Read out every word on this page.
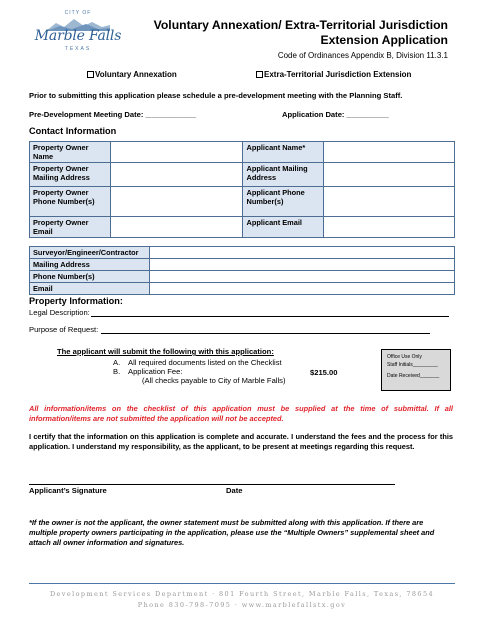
CITY OF
Marble Falls
TEXAS
Voluntary Annexation/ Extra-Territorial Jurisdiction
Extension Application
Code of Ordinances Appendix B, Division 11.3.1
Voluntary Annexation	Extra-Territorial Jurisdiction Extension
Prior to submitting this application please schedule a pre-development meeting with the Planning Staff.
Pre-Development Meeting Date: ____________	Application Date: __________
Contact Information
Property Owner Name		Applicant Name*	
Property Owner Mailing Address		Applicant Mailing Address	
Property Owner Phone Number(s)		Applicant Phone Number(s)	
Property Owner Email		Applicant Email	
Surveyor/Engineer/Contractor	
Mailing Address	
Phone Number(s)	
Email	
Property Information:
Legal Description:
Purpose of Request:
The applicant will submit the following with this application:
A. All required documents listed on the Checklist
B. Application Fee:	$215.00
(All checks payable to City of Marble Falls)
Office Use Only
Staff Initials_________
Date Received_______
All information/items on the checklist of this application must be supplied at the time of submittal. If all information/items are not submitted the application will not be accepted.
I certify that the information on this application is complete and accurate. I understand the fees and the process for this application. I understand my responsibility, as the applicant, to be present at meetings regarding this request.
Applicant’s Signature	Date
*If the owner is not the applicant, the owner statement must be submitted along with this application. If there are multiple property owners participating in the application, please use the “Multiple Owners” supplemental sheet and attach all owner information and signatures.
Development Services Department · 801 Fourth Street, Marble Falls, Texas, 78654
Phone 830-798-7095 · www.marblefallstx.gov
